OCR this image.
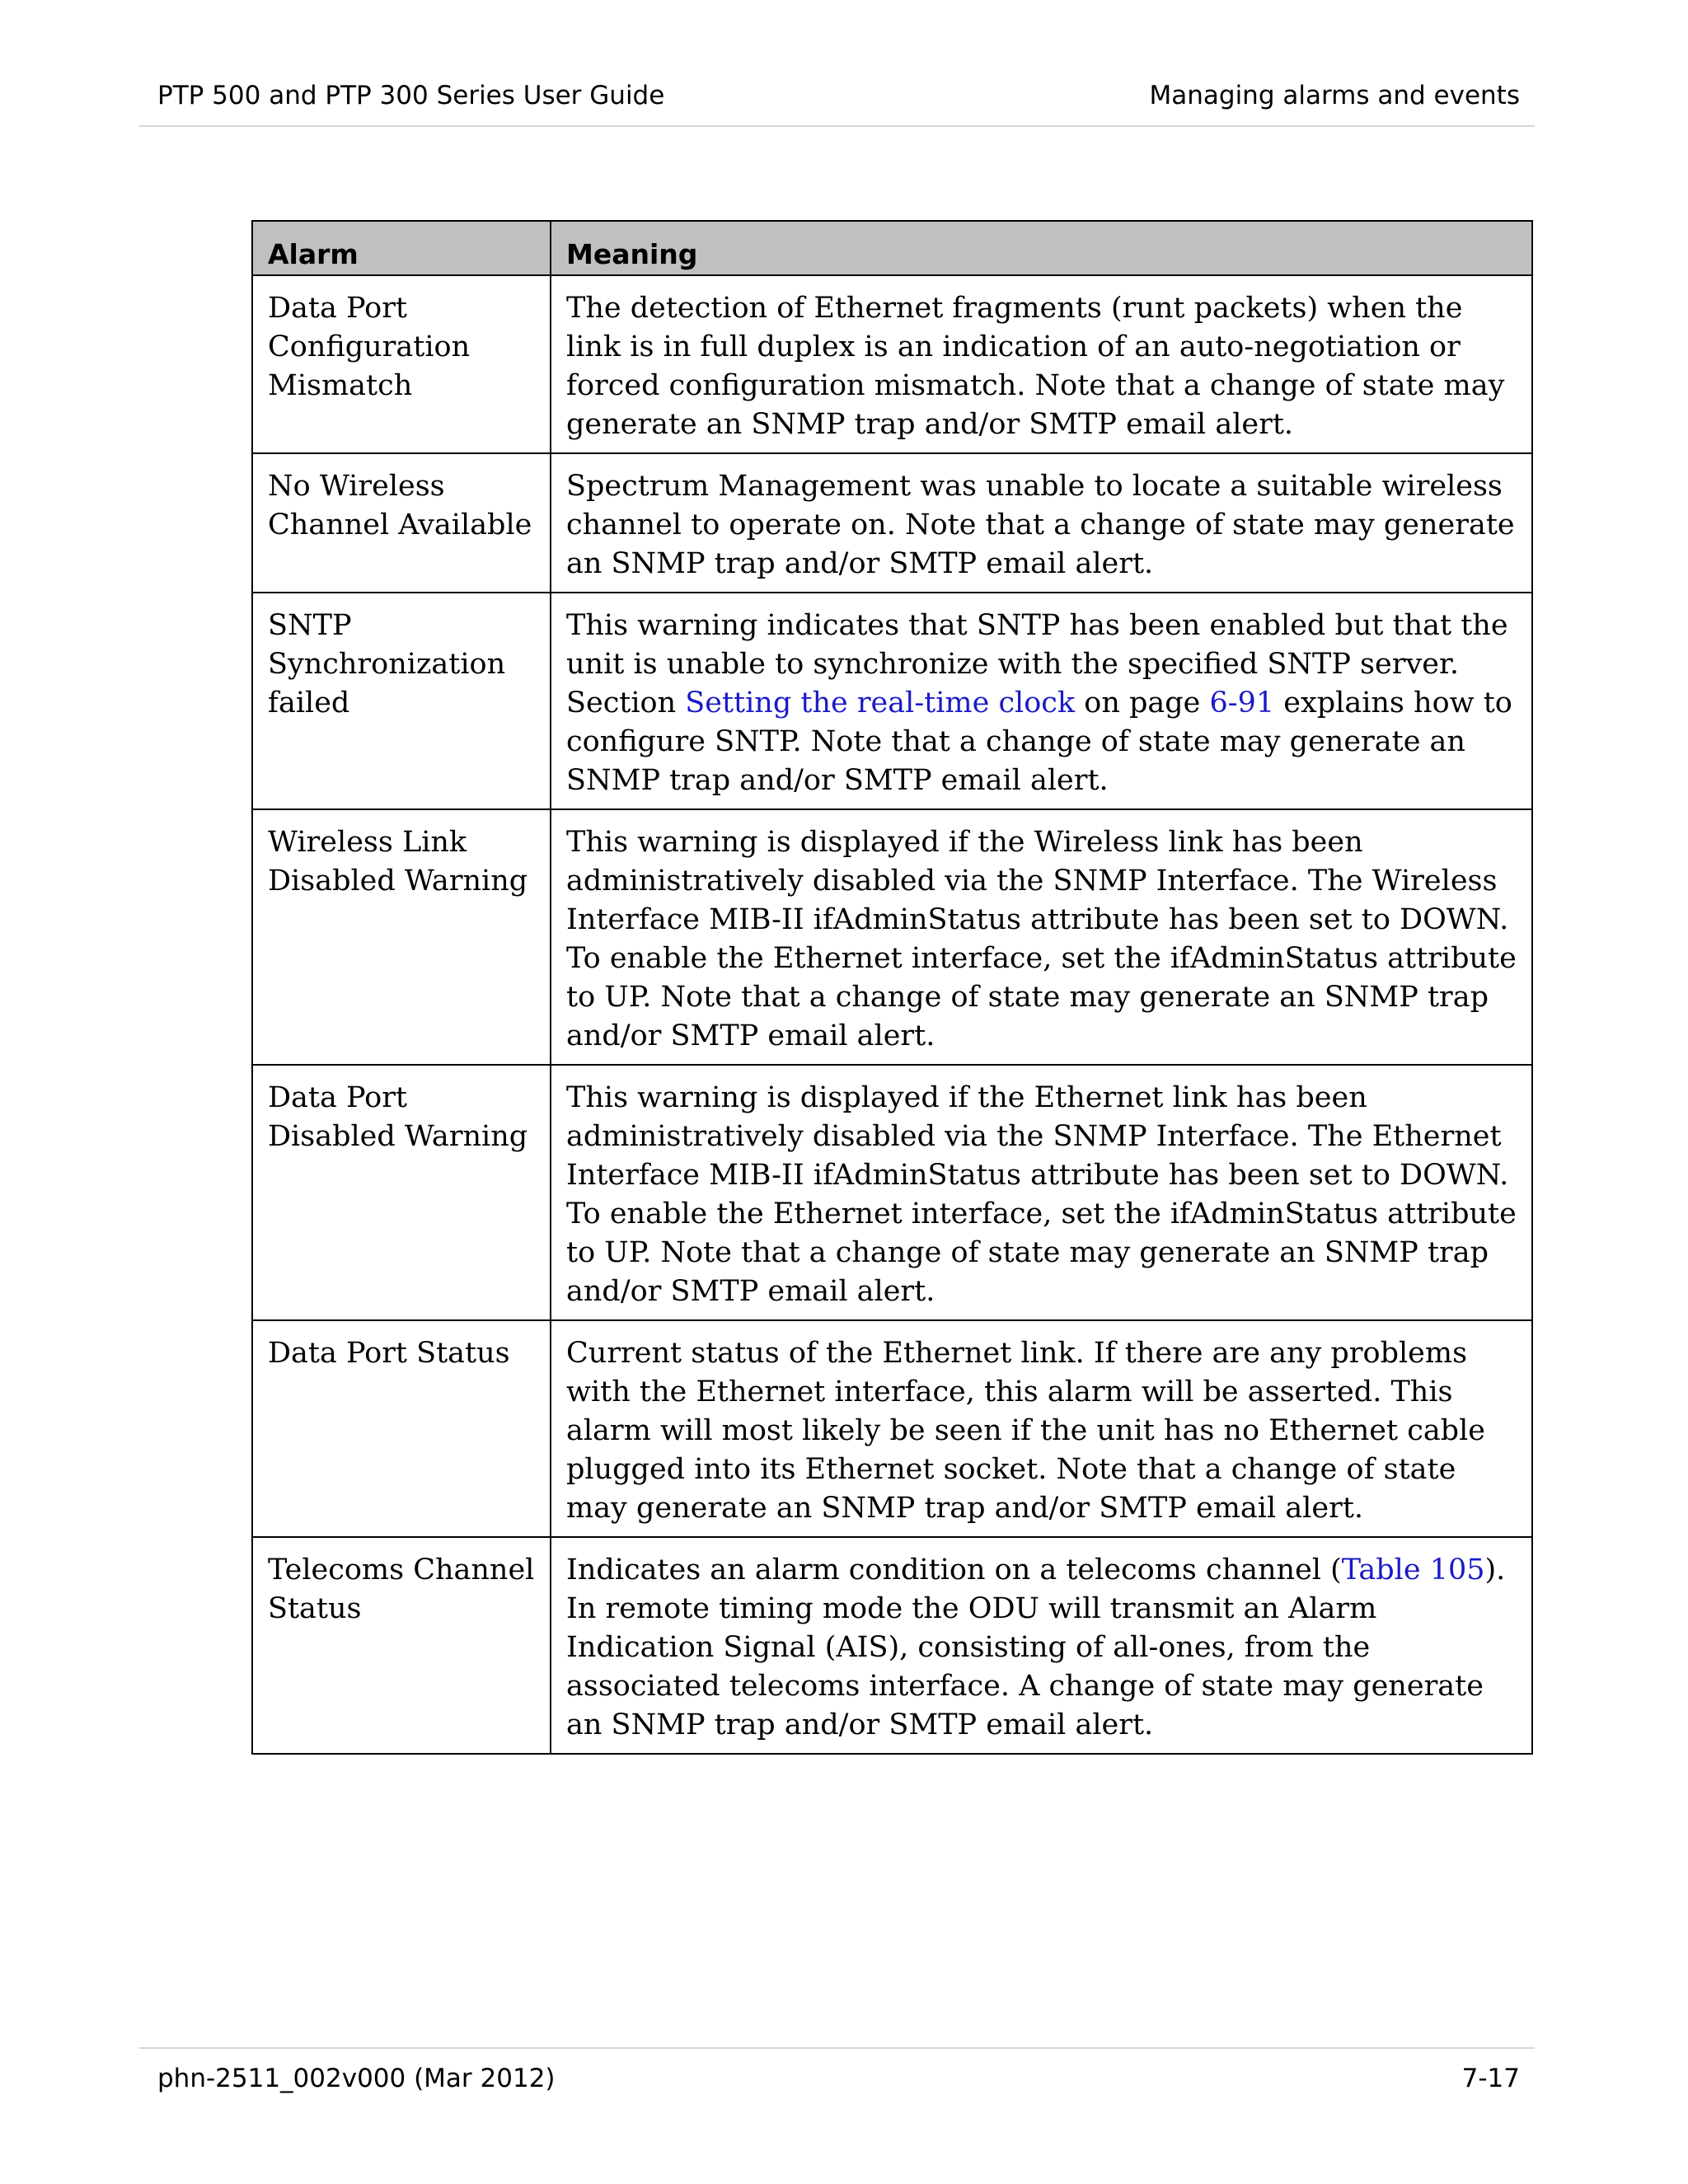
PTP 500 and PTP 300 Series User Guide	Managing alarms and events
Alarm	Meaning
Data Port Configuration Mismatch	The detection of Ethernet fragments (runt packets) when the link is in full duplex is an indication of an auto-negotiation or forced configuration mismatch. Note that a change of state may generate an SNMP trap and/or SMTP email alert.
No Wireless Channel Available	Spectrum Management was unable to locate a suitable wireless channel to operate on. Note that a change of state may generate an SNMP trap and/or SMTP email alert.
SNTP Synchronization failed	This warning indicates that SNTP has been enabled but that the unit is unable to synchronize with the specified SNTP server. Section Setting the real-time clock on page 6-91 explains how to configure SNTP. Note that a change of state may generate an SNMP trap and/or SMTP email alert.
Wireless Link Disabled Warning	This warning is displayed if the Wireless link has been administratively disabled via the SNMP Interface. The Wireless Interface MIB-II ifAdminStatus attribute has been set to DOWN. To enable the Ethernet interface, set the ifAdminStatus attribute to UP. Note that a change of state may generate an SNMP trap and/or SMTP email alert.
Data Port Disabled Warning	This warning is displayed if the Ethernet link has been administratively disabled via the SNMP Interface. The Ethernet Interface MIB-II ifAdminStatus attribute has been set to DOWN. To enable the Ethernet interface, set the ifAdminStatus attribute to UP. Note that a change of state may generate an SNMP trap and/or SMTP email alert.
Data Port Status	Current status of the Ethernet link. If there are any problems with the Ethernet interface, this alarm will be asserted. This alarm will most likely be seen if the unit has no Ethernet cable plugged into its Ethernet socket. Note that a change of state may generate an SNMP trap and/or SMTP email alert.
Telecoms Channel Status	Indicates an alarm condition on a telecoms channel (Table 105). In remote timing mode the ODU will transmit an Alarm Indication Signal (AIS), consisting of all-ones, from the associated telecoms interface. A change of state may generate an SNMP trap and/or SMTP email alert.
phn-2511_002v000 (Mar 2012)	7-17
